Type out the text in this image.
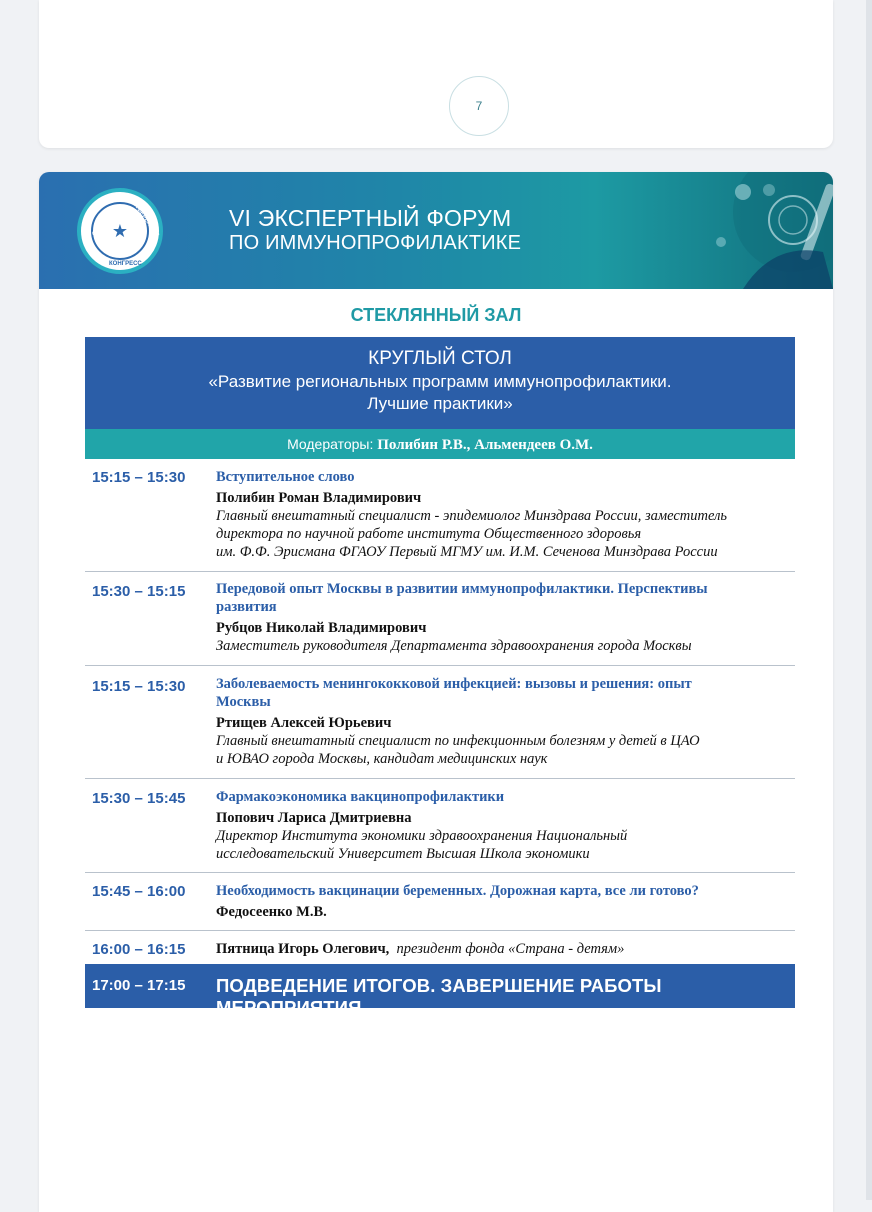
7
★
ФОРУМ	КОНФЕРЕНЦИЯ
КОНГРЕСС
VI ЭКСПЕРТНЫЙ ФОРУМ
ПО ИММУНОПРОФИЛАКТИКЕ
СТЕКЛЯННЫЙ ЗАЛ
КРУГЛЫЙ СТОЛ
«Развитие региональных программ иммунопрофилактики.
Лучшие практики»
Модераторы: Полибин Р.В., Альмендеев О.М.
15:15 – 15:30 Вступительное слово
Полибин Роман Владимирович
Главный внештатный специалист - эпидемиолог Минздрава России, заместитель
директора по научной работе института Общественного здоровья
им. Ф.Ф. Эрисмана ФГАОУ Первый МГМУ им. И.М. Сеченова Минздрава России
15:30 – 15:15 Передовой опыт Москвы в развитии иммунопрофилактики. Перспективы
развития
Рубцов Николай Владимирович
Заместитель руководителя Департамента здравоохранения города Москвы
15:15 – 15:30 Заболеваемость менингококковой инфекцией: вызовы и решения: опыт
Москвы
Ртищев Алексей Юрьевич
Главный внештатный специалист по инфекционным болезням у детей в ЦАО
и ЮВАО города Москвы, кандидат медицинских наук
15:30 – 15:45 Фармакоэкономика вакцинопрофилактики
Попович Лариса Дмитриевна
Директор Института экономики здравоохранения Национальный
исследовательский Университет Высшая Школа экономики
15:45 – 16:00 Необходимость вакцинации беременных. Дорожная карта, все ли готово?
Федосеенко М.В.
16:00 – 16:15 Пятница Игорь Олегович, президент фонда «Страна - детям»
17:00 – 17:15 ПОДВЕДЕНИЕ ИТОГОВ. ЗАВЕРШЕНИЕ РАБОТЫ МЕРОПРИЯТИЯ
